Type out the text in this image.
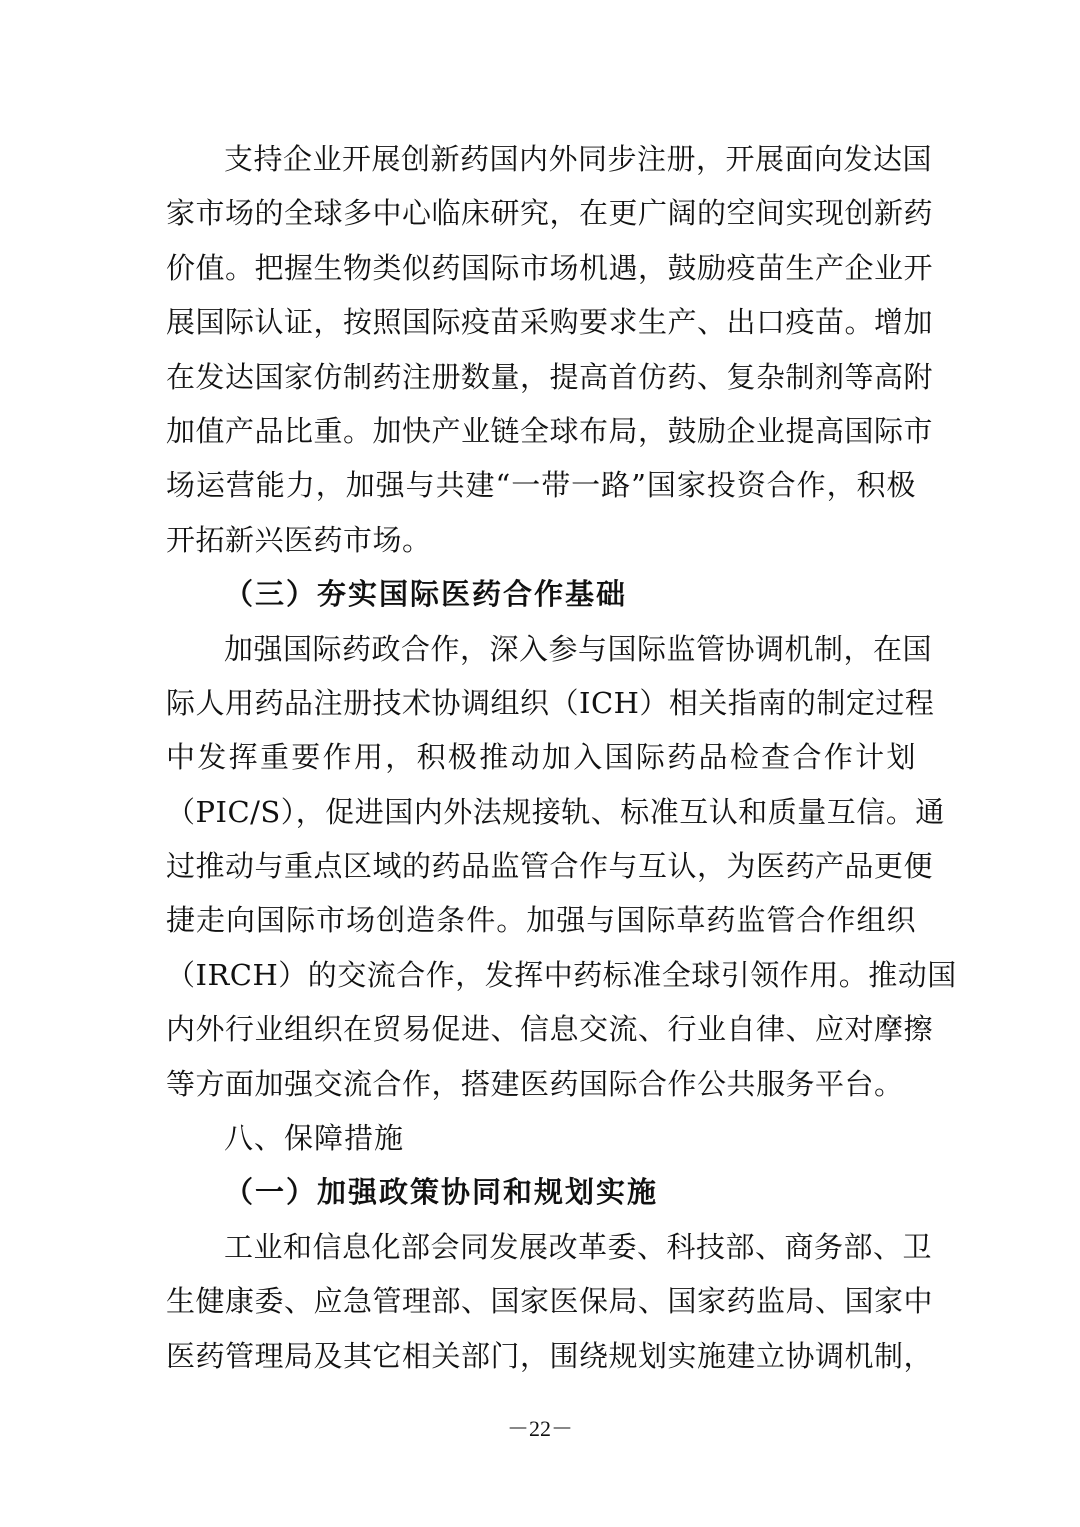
支持企业开展创新药国内外同步注册，开展面向发达国
家市场的全球多中心临床研究，在更广阔的空间实现创新药
价值。把握生物类似药国际市场机遇，鼓励疫苗生产企业开
展国际认证，按照国际疫苗采购要求生产、出口疫苗。增加
在发达国家仿制药注册数量，提高首仿药、复杂制剂等高附
加值产品比重。加快产业链全球布局，鼓励企业提高国际市
场运营能力，加强与共建“一带一路”国家投资合作，积极
开拓新兴医药市场。
（三）夯实国际医药合作基础
加强国际药政合作，深入参与国际监管协调机制，在国
际人用药品注册技术协调组织（ICH）相关指南的制定过程
中发挥重要作用，积极推动加入国际药品检查合作计划
（PIC/S），促进国内外法规接轨、标准互认和质量互信。通
过推动与重点区域的药品监管合作与互认，为医药产品更便
捷走向国际市场创造条件。加强与国际草药监管合作组织
（IRCH）的交流合作，发挥中药标准全球引领作用。推动国
内外行业组织在贸易促进、信息交流、行业自律、应对摩擦
等方面加强交流合作，搭建医药国际合作公共服务平台。
八、保障措施
（一）加强政策协同和规划实施
工业和信息化部会同发展改革委、科技部、商务部、卫
生健康委、应急管理部、国家医保局、国家药监局、国家中
医药管理局及其它相关部门，围绕规划实施建立协调机制，
－22－
